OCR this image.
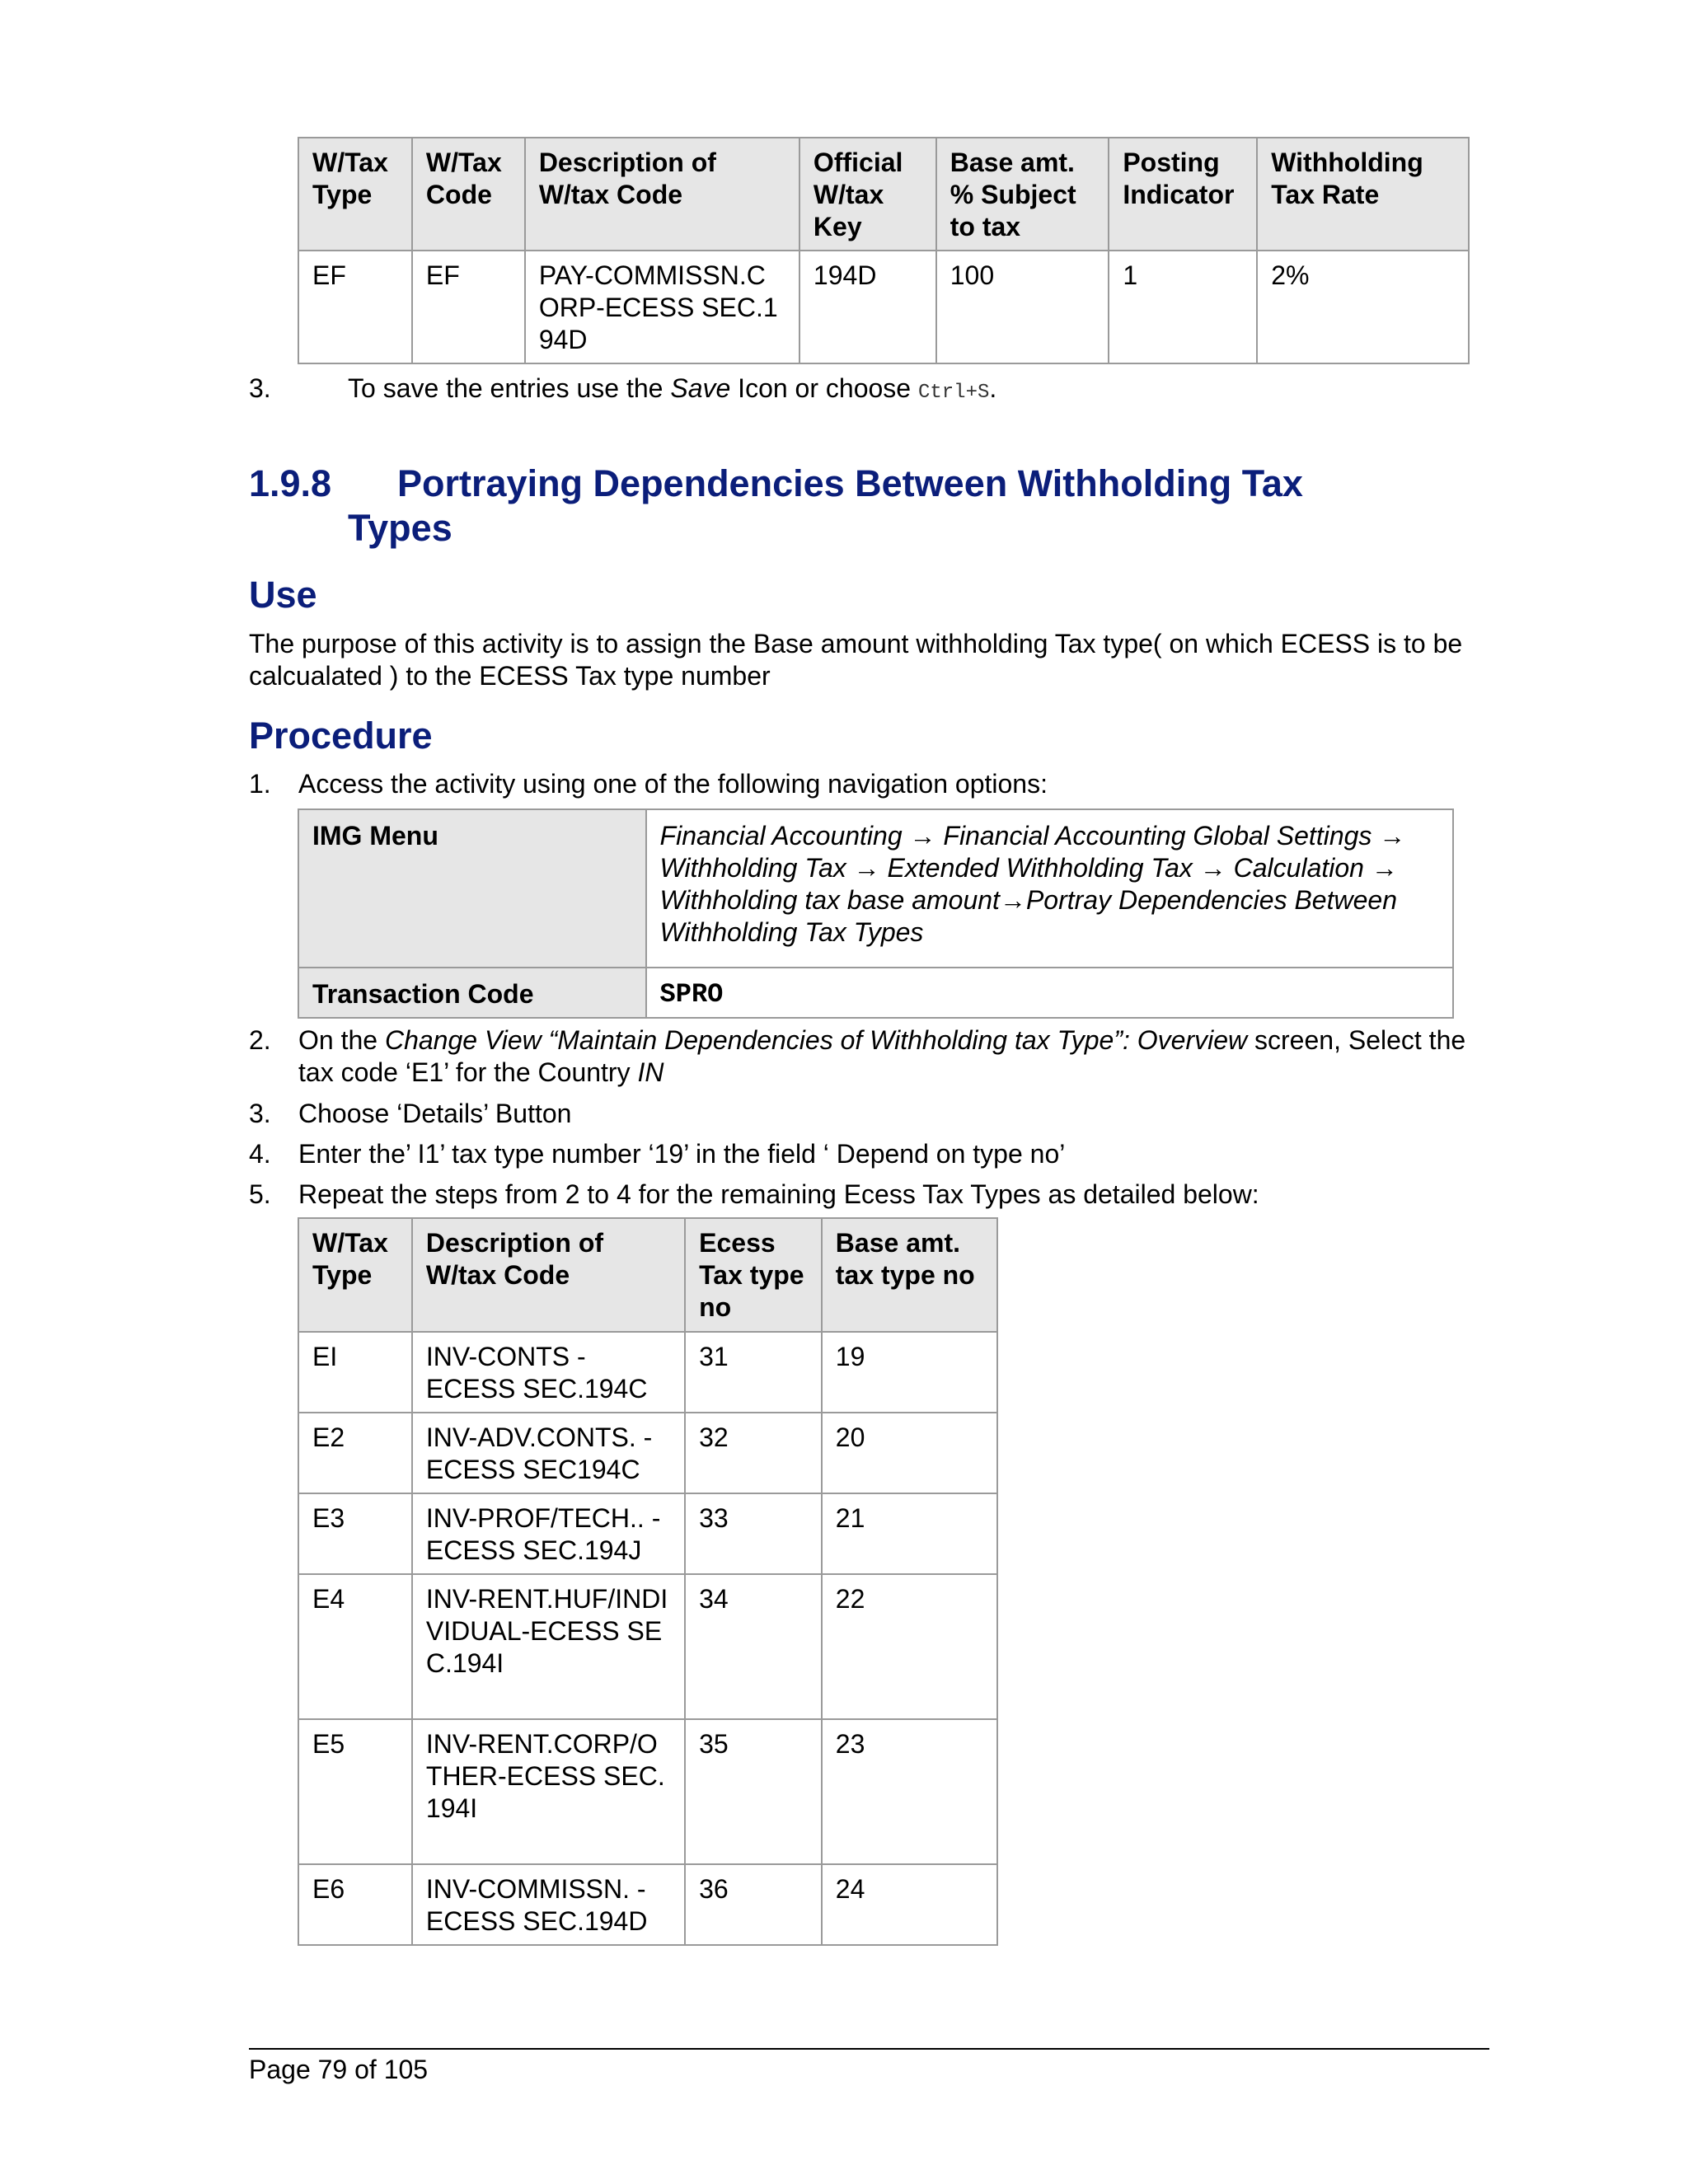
W/Tax Type	W/Tax Code	Description of W/tax Code	Official W/tax Key	Base amt. % Subject to tax	Posting Indicator	Withholding Tax Rate
EF	EF	PAY-COMMISSN.CORP-ECESS SEC.194D	194D	100	1	2%
3.	To save the entries use the Save Icon or choose Ctrl+S.
1.9.8 Portraying Dependencies Between Withholding Tax
Types
Use
The purpose of this activity is to assign the Base amount withholding Tax type( on which ECESS is to be calcualated ) to the ECESS Tax type number
Procedure
1. Access the activity using one of the following navigation options:
IMG Menu	Financial Accounting → Financial Accounting Global Settings → Withholding Tax → Extended Withholding Tax → Calculation → Withholding tax base amount→Portray Dependencies Between Withholding Tax Types
Transaction Code	SPRO
2. On the Change View “Maintain Dependencies of Withholding tax Type”: Overview screen, Select the tax code ‘E1’ for the Country IN
3. Choose ‘Details’ Button
4. Enter the’ I1’ tax type number ‘19’ in the field ‘ Depend on type no’
5. Repeat the steps from 2 to 4 for the remaining Ecess Tax Types as detailed below:
W/Tax Type	Description of W/tax Code	Ecess Tax type no	Base amt. tax type no
EI	INV-CONTS -ECESS SEC.194C	31	19
E2	INV-ADV.CONTS. -ECESS SEC194C	32	20
E3	INV-PROF/TECH.. -ECESS SEC.194J	33	21
E4	INV-RENT.HUF/INDIVIDUAL-ECESS SEC.194I	34	22
E5	INV-RENT.CORP/OTHER-ECESS SEC.194I	35	23
E6	INV-COMMISSN. -ECESS SEC.194D	36	24
Page 79 of 105
